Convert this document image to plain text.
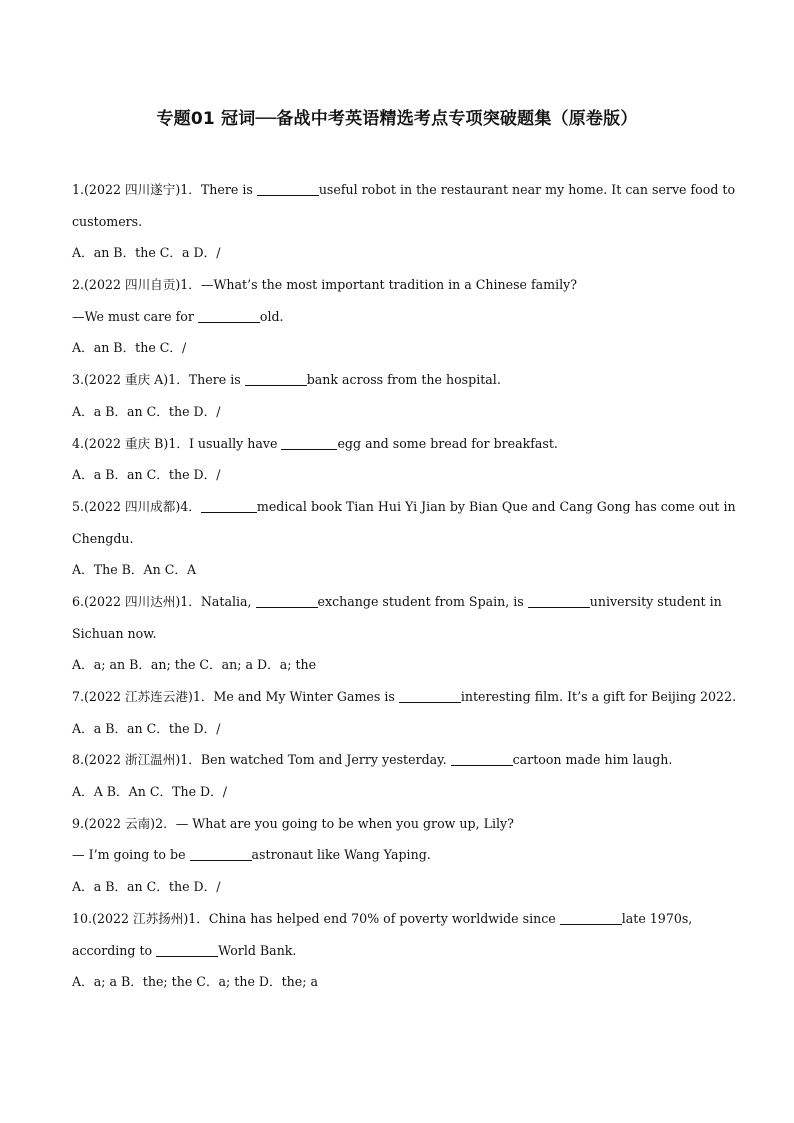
专题01 冠词──备战中考英语精选考点专项突破题集（原卷版）
1.(2022 四川遂宁)1．There is	useful robot in the restaurant near my home. It can serve food to
customers.
A．an B．the C．a D．/
2.(2022 四川自贡)1．—What’s the most important tradition in a Chinese family?
—We must care for	old.
A．an B．the C．/
3.(2022 重庆 A)1．There is	bank across from the hospital.
A．a B．an C．the D．/
4.(2022 重庆 B)1．I usually have	egg and some bread for breakfast.
A．a B．an C．the D．/
5.(2022 四川成都)4．	medical book Tian Hui Yi Jian by Bian Que and Cang Gong has come out in
Chengdu.
A．The B．An C．A
6.(2022 四川达州)1．Natalia,	exchange student from Spain, is	university student in
Sichuan now.
A．a; an B．an; the C．an; a D．a; the
7.(2022 江苏连云港)1．Me and My Winter Games is	interesting film. It’s a gift for Beijing 2022.
A．a B．an C．the D．/
8.(2022 浙江温州)1．Ben watched Tom and Jerry yesterday.	cartoon made him laugh.
A．A B．An C．The D．/
9.(2022 云南)2．— What are you going to be when you grow up, Lily?
— I’m going to be	astronaut like Wang Yaping.
A．a B．an C．the D．/
10.(2022 江苏扬州)1．China has helped end 70% of poverty worldwide since	late 1970s,
according to	World Bank.
A．a; a B．the; the C．a; the D．the; a
